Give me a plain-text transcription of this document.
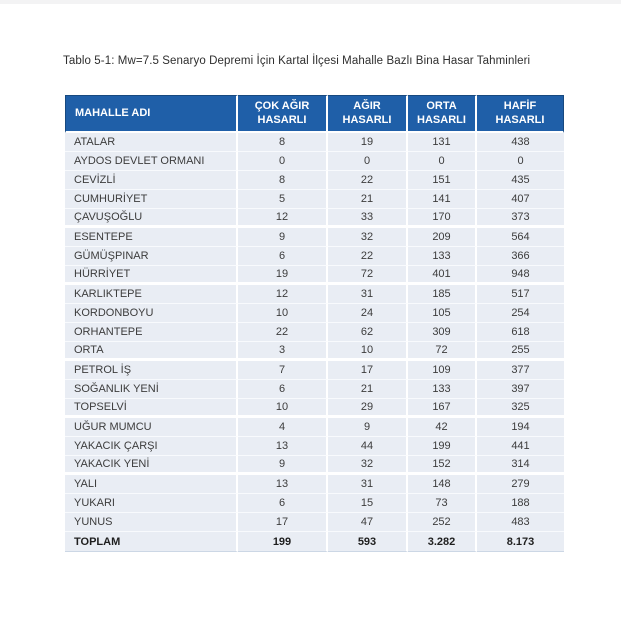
Tablo 5-1: Mw=7.5 Senaryo Depremi İçin Kartal İlçesi Mahalle Bazlı Bina Hasar Tahminleri
MAHALLE ADI	ÇOK AĞIR HASARLI	AĞIR HASARLI	ORTA HASARLI	HAFİF HASARLI
ATALAR	8	19	131	438
AYDOS DEVLET ORMANI	0	0	0	0
CEVİZLİ	8	22	151	435
CUMHURİYET	5	21	141	407
ÇAVUŞOĞLU	12	33	170	373
ESENTEPE	9	32	209	564
GÜMÜŞPINAR	6	22	133	366
HÜRRİYET	19	72	401	948
KARLIKTEPE	12	31	185	517
KORDONBOYU	10	24	105	254
ORHANTEPE	22	62	309	618
ORTA	3	10	72	255
PETROL İŞ	7	17	109	377
SOĞANLIK YENİ	6	21	133	397
TOPSELVİ	10	29	167	325
UĞUR MUMCU	4	9	42	194
YAKACIK ÇARŞI	13	44	199	441
YAKACIK YENİ	9	32	152	314
YALI	13	31	148	279
YUKARI	6	15	73	188
YUNUS	17	47	252	483
TOPLAM	199	593	3.282	8.173
